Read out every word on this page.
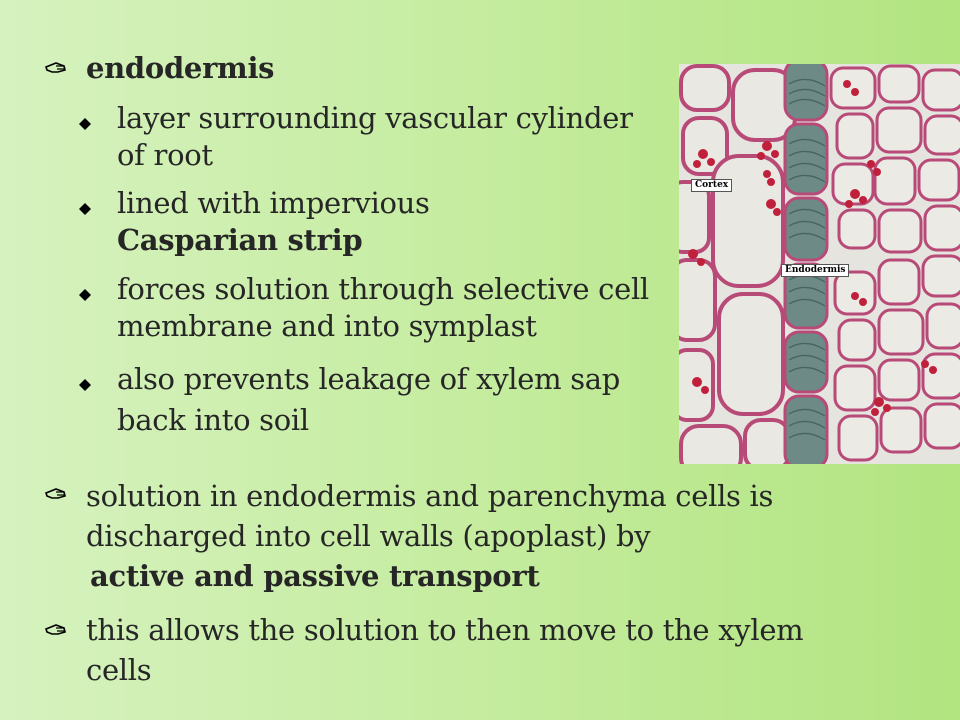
endodermis
layer surrounding vascular cylinder
of root
lined with impervious
Casparian strip
forces solution through selective cell
membrane and into symplast
also prevents leakage of xylem sap
back into soil
solution in endodermis and parenchyma cells is
discharged into cell walls (apoplast) by
active and passive transport
this allows the solution to then move to the xylem
cells
Cortex
Endodermis
